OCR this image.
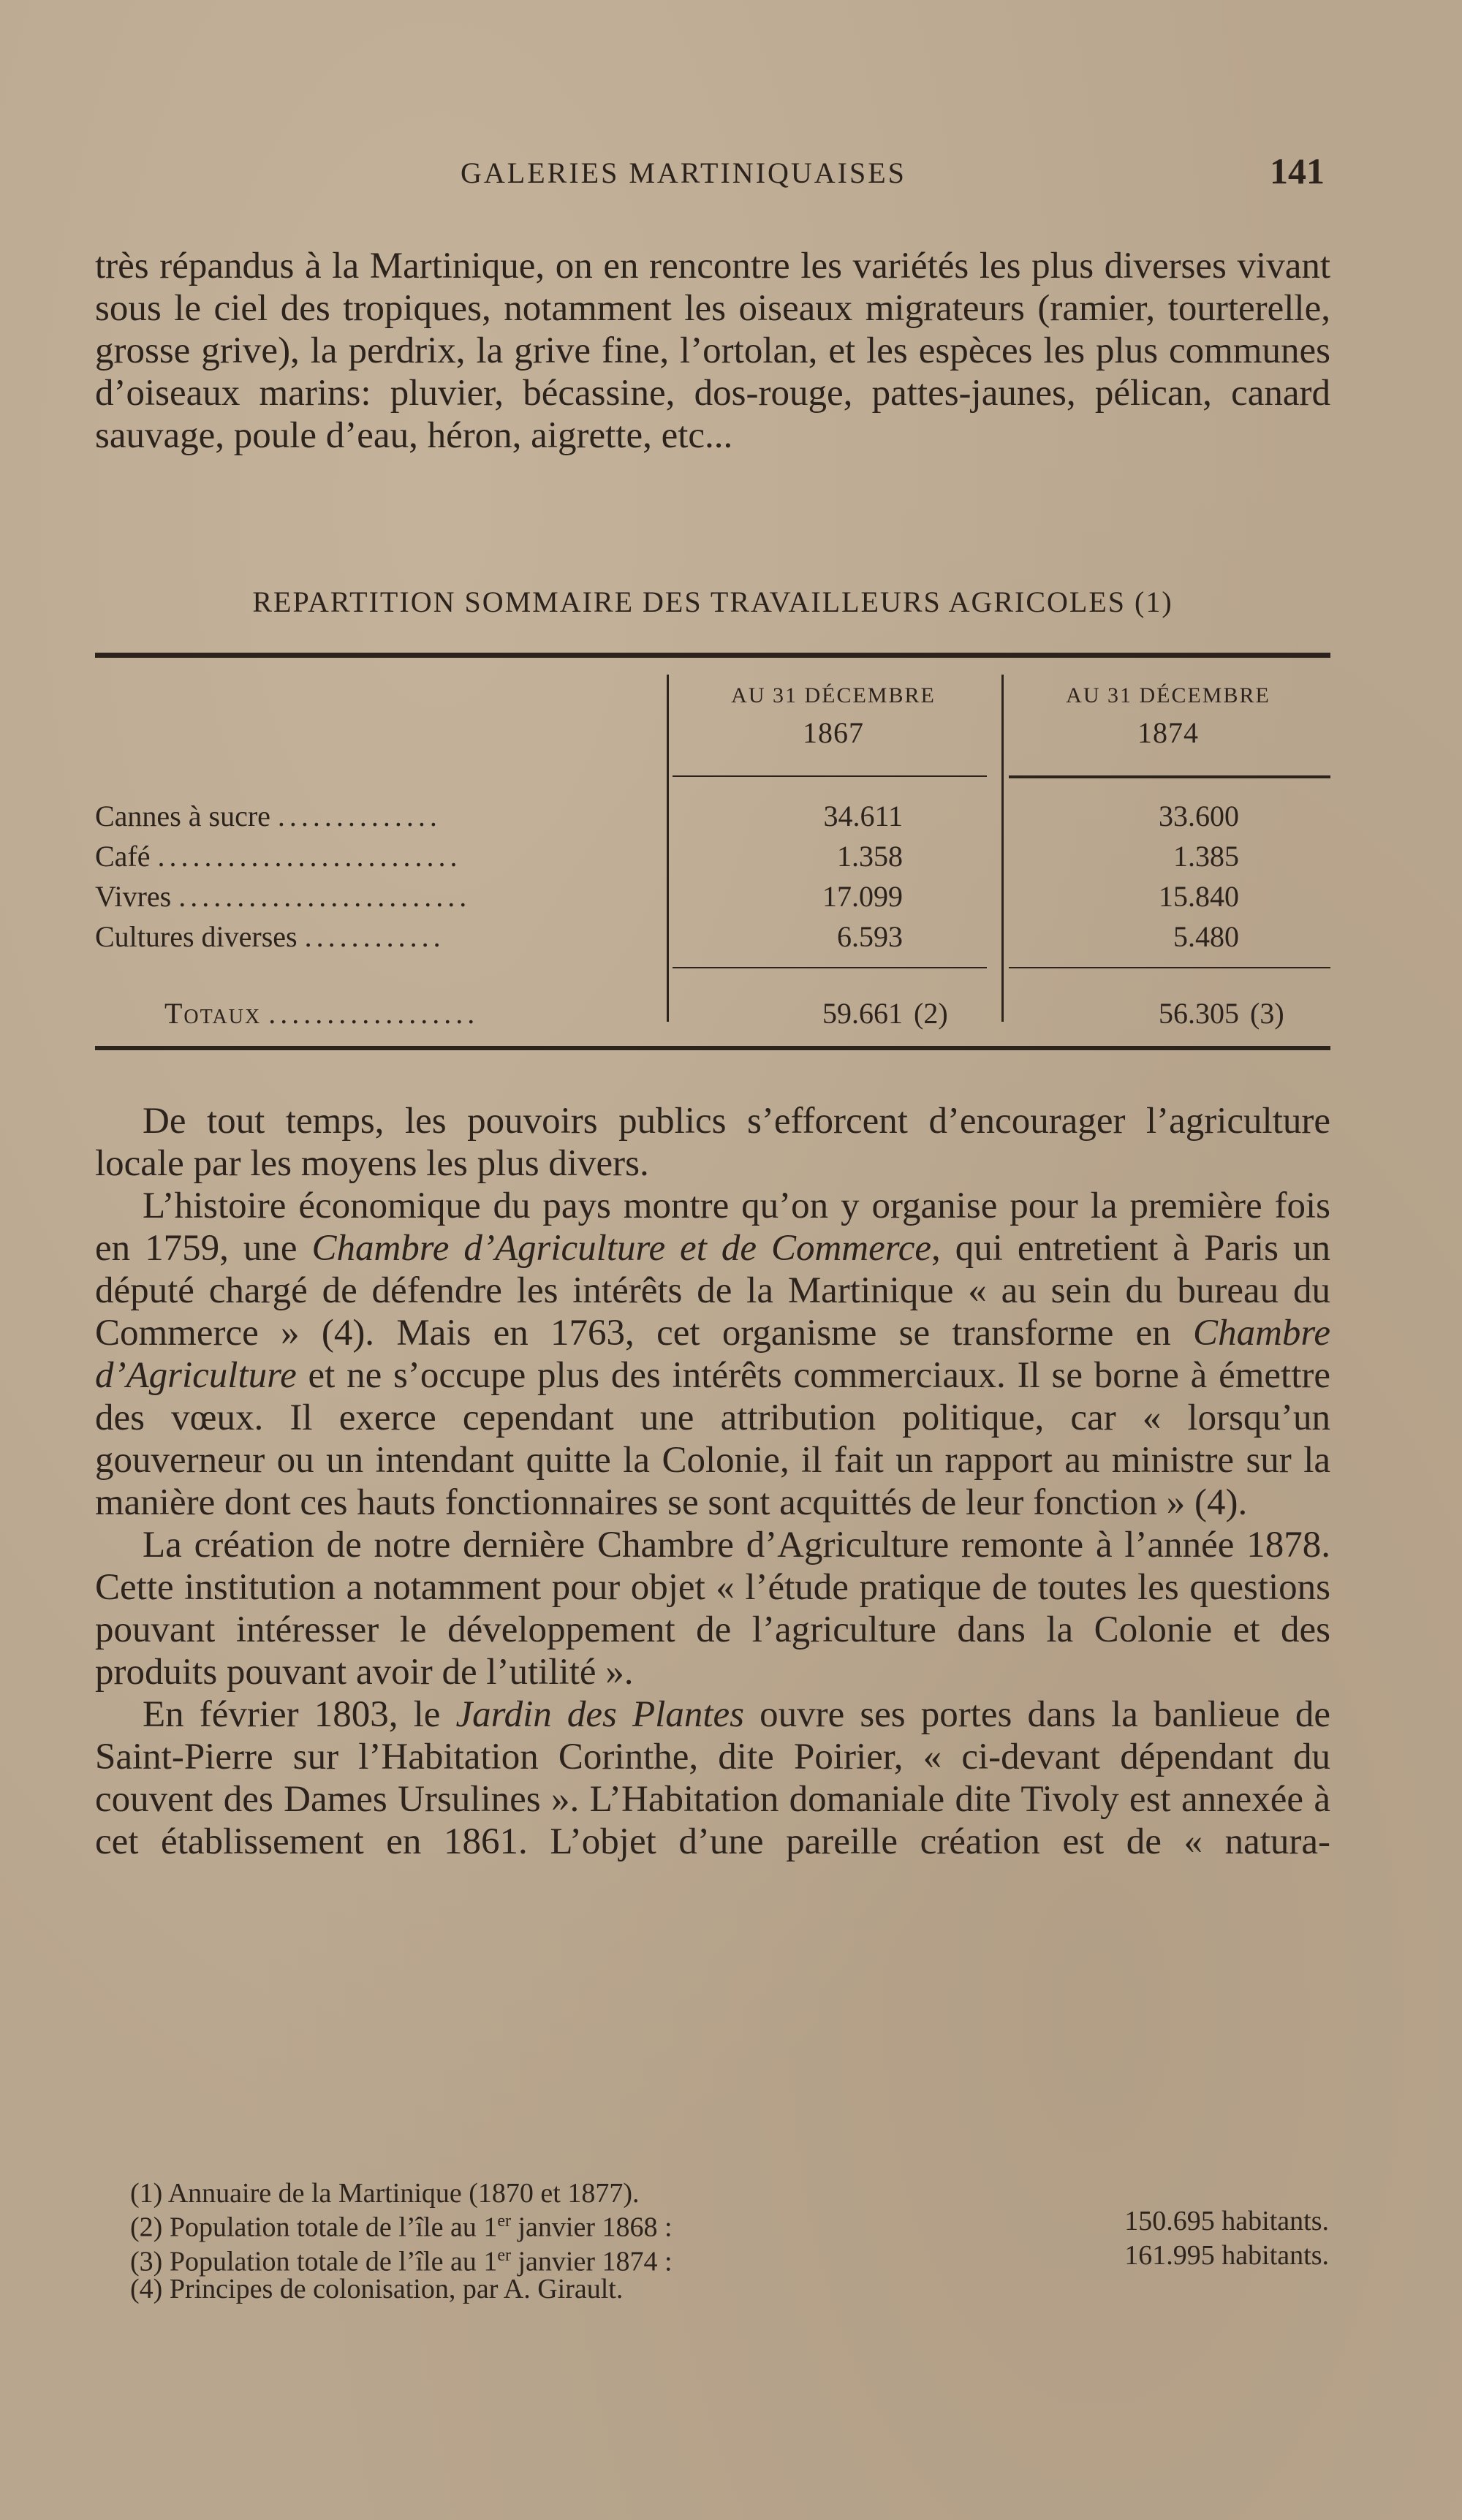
GALERIES MARTINIQUAISES	141

très répandus à la Martinique, on en rencontre les variétés les plus diverses vivant sous le ciel des tropiques, notamment les oiseaux migrateurs (ramier, tourterelle, grosse grive), la perdrix, la grive fine, l’ortolan, et les espèces les plus communes d’oiseaux marins: pluvier, bécassine, dos-rouge, pattes-jaunes, pélican, canard sauvage, poule d’eau, héron, aigrette, etc...

REPARTITION SOMMAIRE DES TRAVAILLEURS AGRICOLES (1)
AU 31 DÉCEMBRE
1867
AU 31 DÉCEMBRE
1874
Cannes à sucre ..............	34.611	33.600
Café ..........................	1.358	1.385
Vivres .........................	17.099	15.840
Cultures diverses ............	6.593	5.480
Totaux ..................	59.661 (2)	56.305 (3)

De tout temps, les pouvoirs publics s’efforcent d’encourager l’agriculture locale par les moyens les plus divers.

L’histoire économique du pays montre qu’on y organise pour la première fois en 1759, une Chambre d’Agriculture et de Commerce, qui entretient à Paris un député chargé de défendre les intérêts de la Martinique « au sein du bureau du Commerce » (4). Mais en 1763, cet organisme se transforme en Chambre d’Agriculture et ne s’occupe plus des intérêts commerciaux. Il se borne à émettre des vœux. Il exerce cependant une attribution politique, car « lorsqu’un gouverneur ou un intendant quitte la Colonie, il fait un rapport au ministre sur la manière dont ces hauts fonctionnaires se sont acquittés de leur fonction » (4).

La création de notre dernière Chambre d’Agriculture remonte à l’année 1878. Cette institution a notamment pour objet « l’étude pratique de toutes les questions pouvant intéresser le développement de l’agriculture dans la Colonie et des produits pouvant avoir de l’utilité ».

En février 1803, le Jardin des Plantes ouvre ses portes dans la banlieue de Saint-Pierre sur l’Habitation Corinthe, dite Poirier, « ci-devant dépendant du couvent des Dames Ursulines ». L’Habitation domaniale dite Tivoly est annexée à cet établissement en 1861. L’objet d’une pareille création est de « natura-

(1) Annuaire de la Martinique (1870 et 1877).
(2) Population totale de l’île au 1er janvier 1868 :	150.695 habitants.
(3) Population totale de l’île au 1er janvier 1874 :	161.995 habitants.
(4) Principes de colonisation, par A. Girault.
